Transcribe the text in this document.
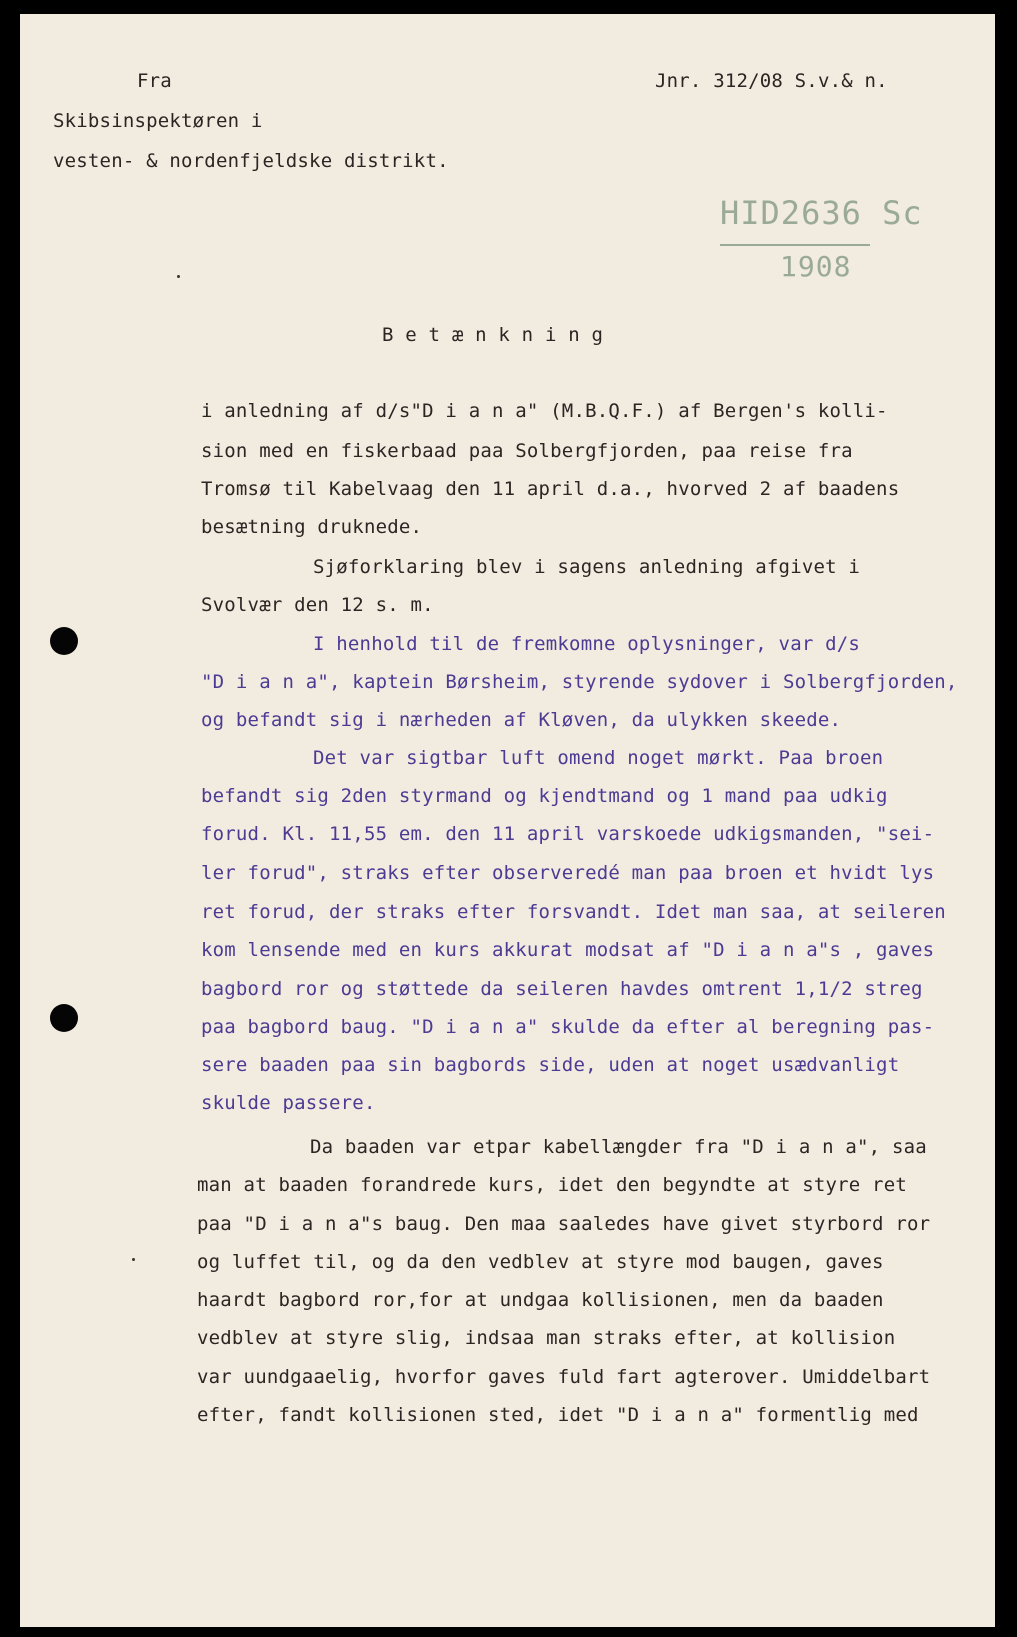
Fra	Jnr. 312/08 S.v.& n.
Skibsinspektøren i
vesten- & nordenfjeldske distrikt.
HID2636 Sc
1908
B e t æ n k n i n g
i anledning af d/s"D i a n a" (M.B.Q.F.) af Bergen's kolli-
sion med en fiskerbaad paa Solbergfjorden, paa reise fra
Tromsø til Kabelvaag den 11 april d.a., hvorved 2 af baadens
besætning druknede.
Sjøforklaring blev i sagens anledning afgivet i
Svolvær den 12 s. m.
I henhold til de fremkomne oplysninger, var d/s
"D i a n a", kaptein Børsheim, styrende sydover i Solbergfjorden,
og befandt sig i nærheden af Kløven, da ulykken skeede.
Det var sigtbar luft omend noget mørkt. Paa broen
befandt sig 2den styrmand og kjendtmand og 1 mand paa udkig
forud. Kl. 11,55 em. den 11 april varskoede udkigsmanden, "sei-
ler forud", straks efter observeredé man paa broen et hvidt lys
ret forud, der straks efter forsvandt. Idet man saa, at seileren
kom lensende med en kurs akkurat modsat af "D i a n a"s , gaves
bagbord ror og støttede da seileren havdes omtrent 1,1/2 streg
paa bagbord baug. "D i a n a" skulde da efter al beregning pas-
sere baaden paa sin bagbords side, uden at noget usædvanligt
skulde passere.
Da baaden var etpar kabellængder fra "D i a n a", saa
man at baaden forandrede kurs, idet den begyndte at styre ret
paa "D i a n a"s baug. Den maa saaledes have givet styrbord ror
og luffet til, og da den vedblev at styre mod baugen, gaves
haardt bagbord ror,for at undgaa kollisionen, men da baaden
vedblev at styre slig, indsaa man straks efter, at kollision
var uundgaaelig, hvorfor gaves fuld fart agterover. Umiddelbart
efter, fandt kollisionen sted, idet "D i a n a" formentlig med
